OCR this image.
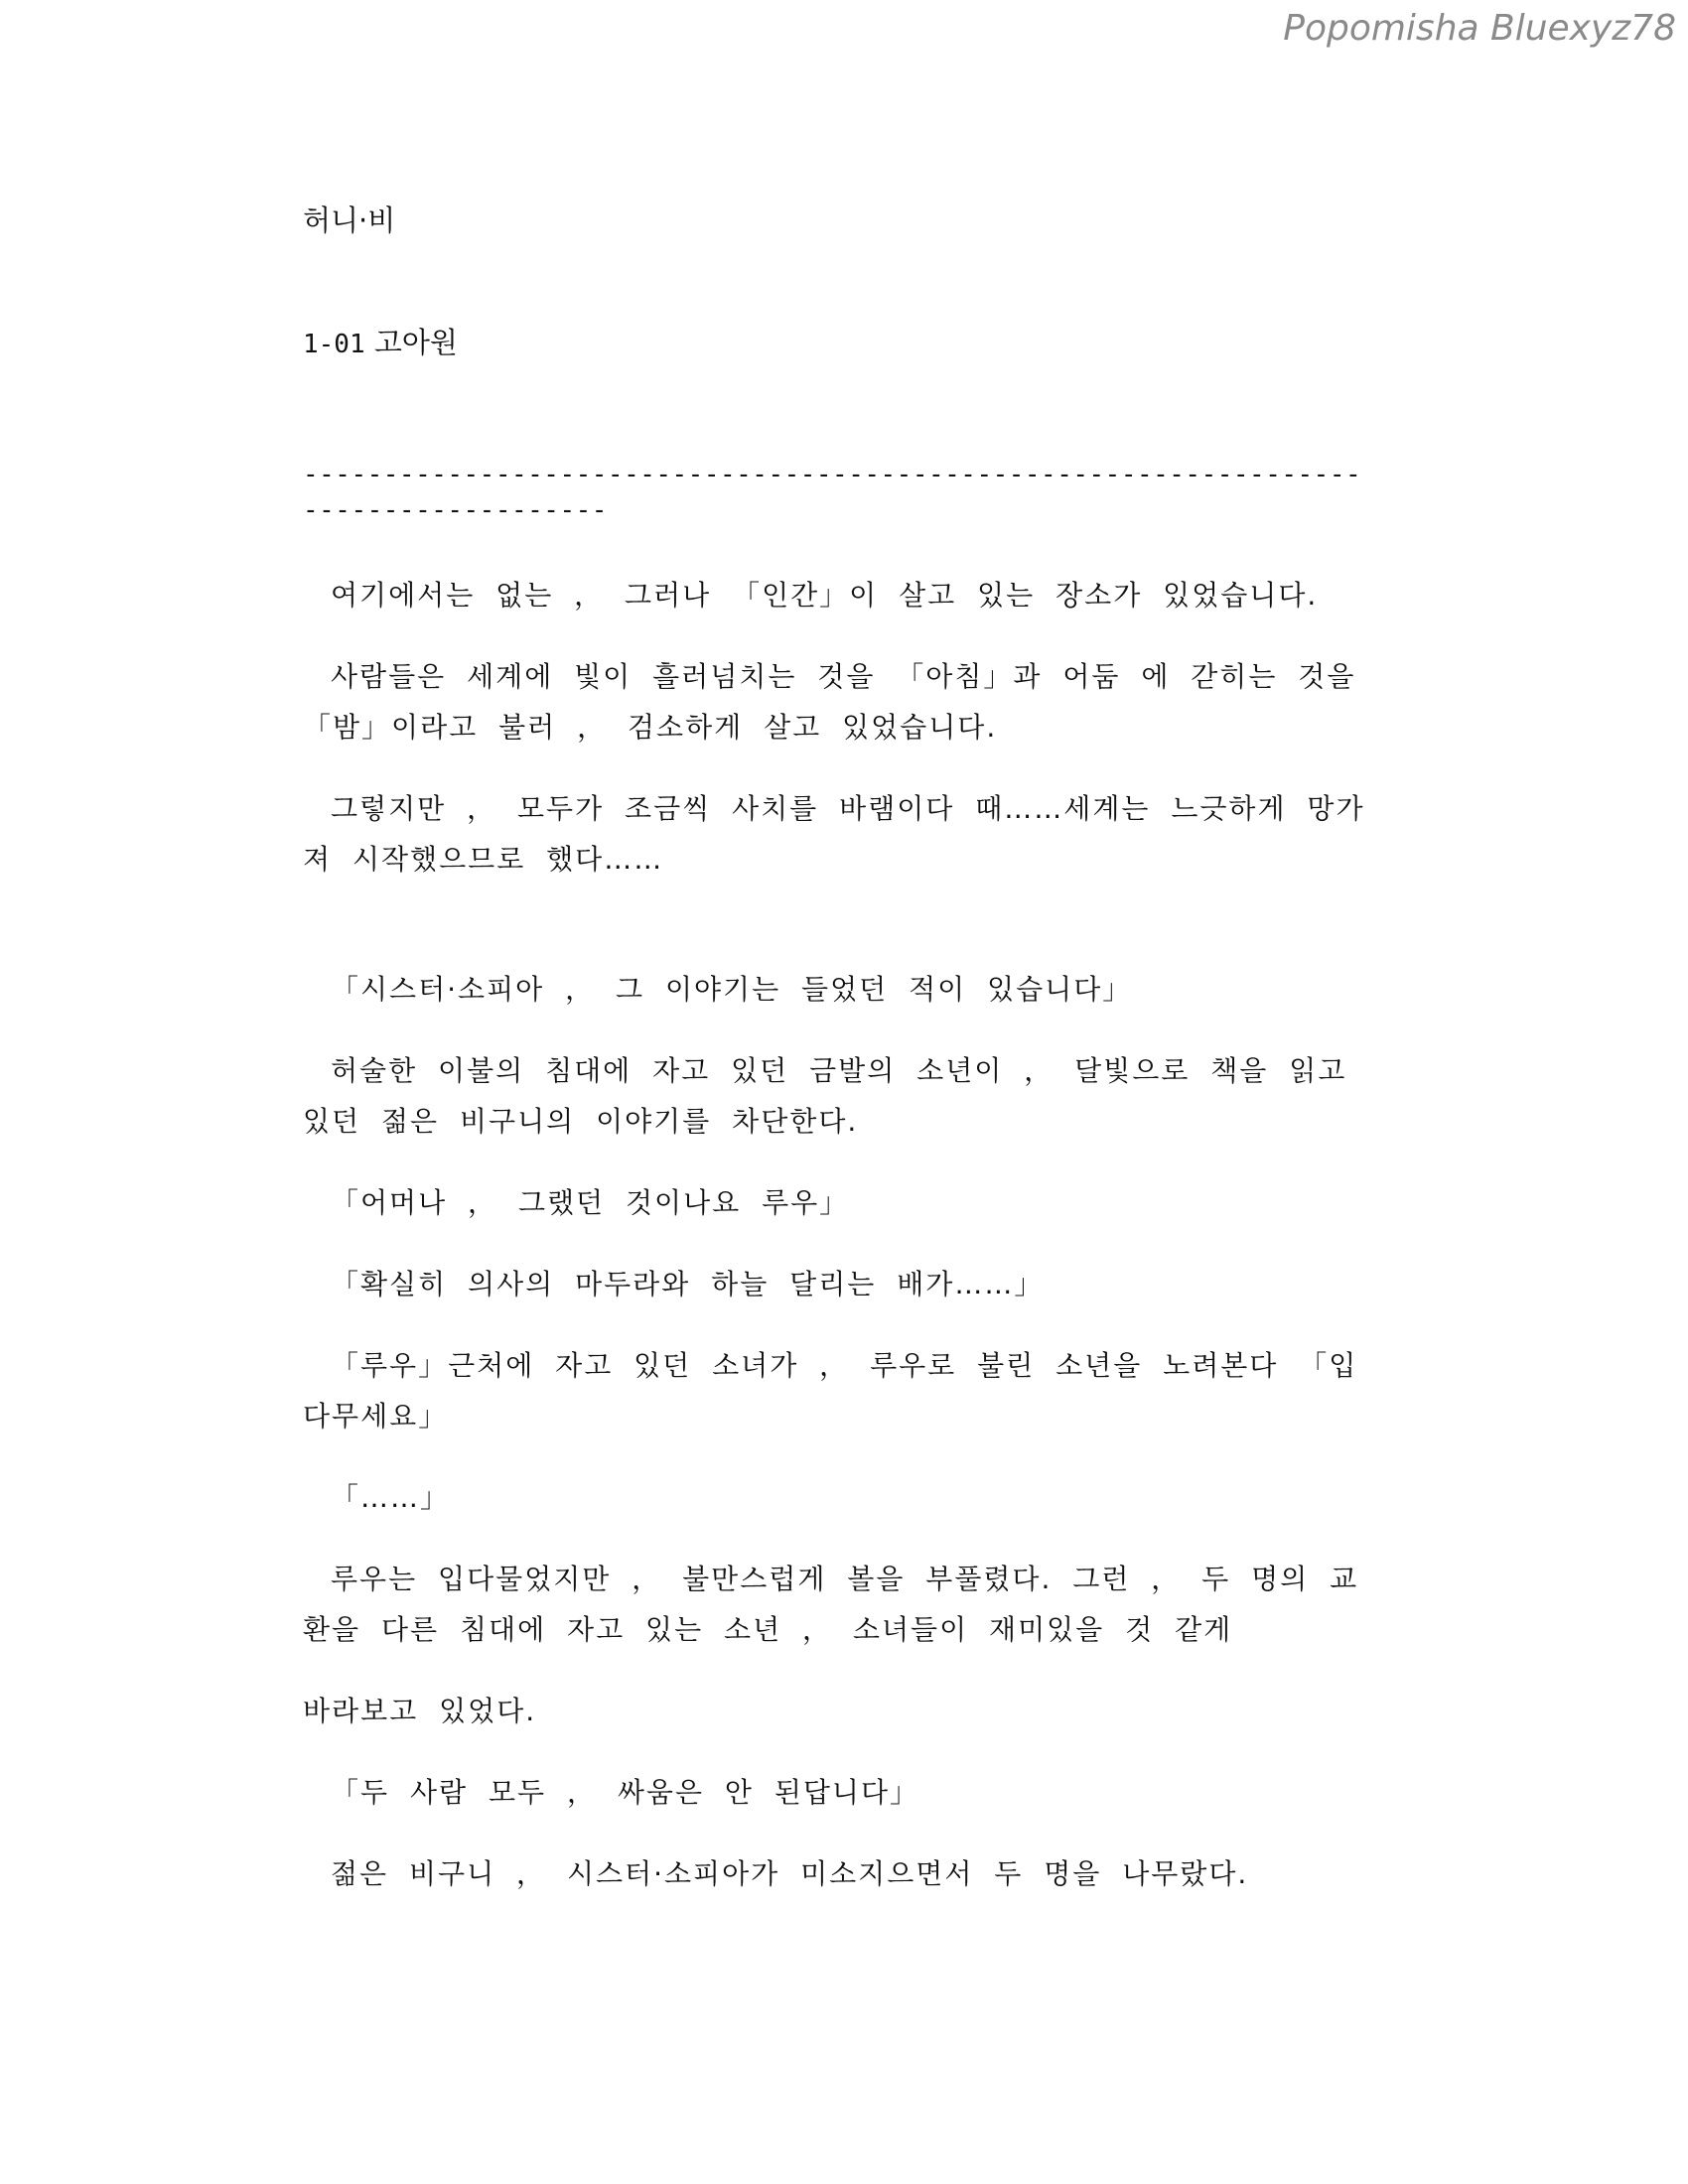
Popomisha Bluexyz78
허니·비
1-01 고아원
-------------------------------------------------------------------------------------

여기에서는 없는 ， 그러나 「인간」이 살고 있는 장소가 있었습니다.

사람들은 세계에 빛이 흘러넘치는 것을 「아침」과 어둠 에 갇히는 것을 「밤」이라고 불러 ， 검소하게 살고 있었습니다.

그렇지만 ， 모두가 조금씩 사치를 바램이다 때……세계는 느긋하게 망가져 시작했으므로 했다……

「시스터·소피아 ， 그 이야기는 들었던 적이 있습니다」

허술한 이불의 침대에 자고 있던 금발의 소년이 ， 달빛으로 책을 읽고 있던 젊은 비구니의 이야기를 차단한다.

「어머나 ， 그랬던 것이나요 루우」

「확실히 의사의 마두라와 하늘 달리는 배가……」

「루우」근처에 자고 있던 소녀가 ， 루우로 불린 소년을 노려본다 「입다무세요」

「……」

루우는 입다물었지만 ， 불만스럽게 볼을 부풀렸다. 그런 ， 두 명의 교환을 다른 침대에 자고 있는 소년 ， 소녀들이 재미있을 것 같게

바라보고 있었다.

「두 사람 모두 ， 싸움은 안 된답니다」

젊은 비구니 ， 시스터·소피아가 미소지으면서 두 명을 나무랐다.
